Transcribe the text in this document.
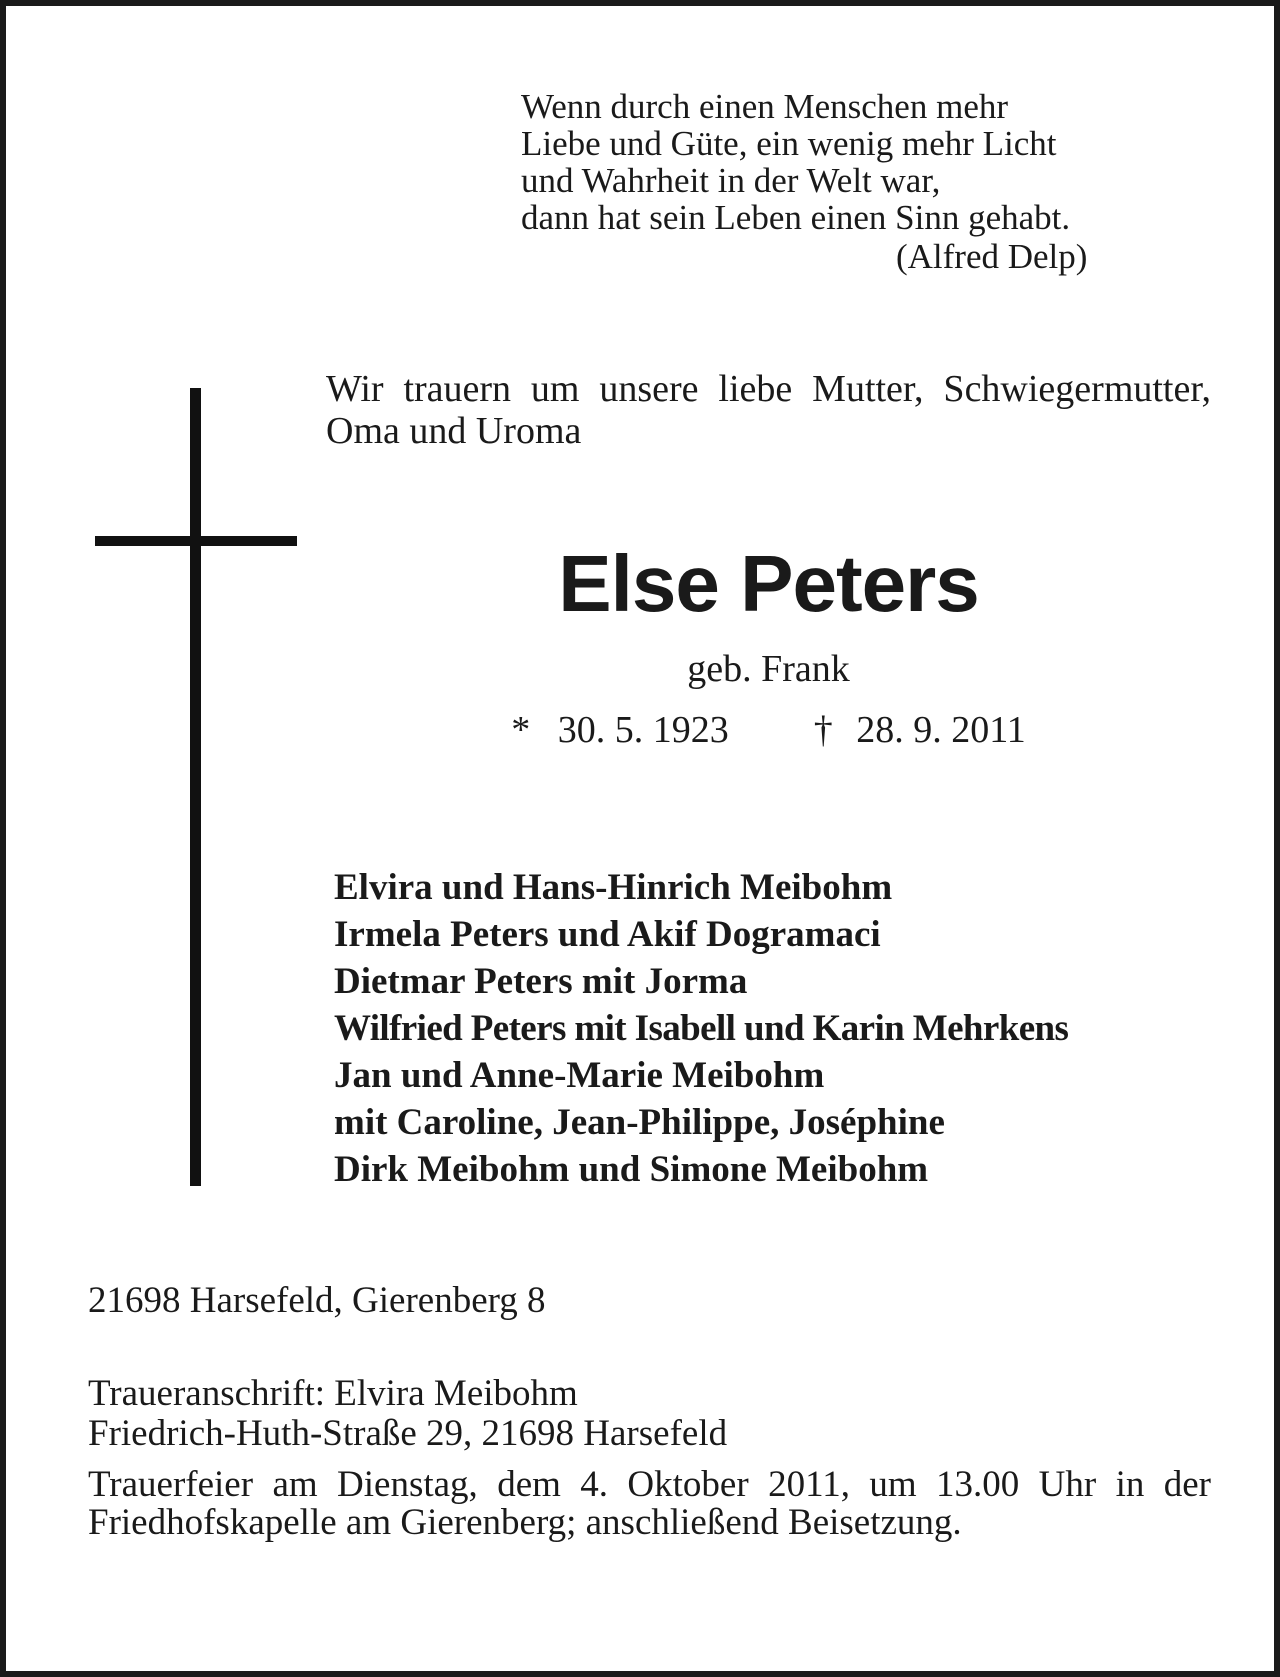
Wenn durch einen Menschen mehr
Liebe und Güte, ein wenig mehr Licht
und Wahrheit in der Welt war,
dann hat sein Leben einen Sinn gehabt.
(Alfred Delp)
Wir trauern um unsere liebe Mutter, Schwiegermutter, Oma und Uroma
Else Peters
geb. Frank
* 30. 5. 1923 † 28. 9. 2011
Elvira und Hans-Hinrich Meibohm
Irmela Peters und Akif Dogramaci
Dietmar Peters mit Jorma
Wilfried Peters mit Isabell und Karin Mehrkens
Jan und Anne-Marie Meibohm
mit Caroline, Jean-Philippe, Joséphine
Dirk Meibohm und Simone Meibohm
21698 Harsefeld, Gierenberg 8
Traueranschrift: Elvira Meibohm
Friedrich-Huth-Straße 29, 21698 Harsefeld
Trauerfeier am Dienstag, dem 4. Oktober 2011, um 13.00 Uhr in der Friedhofskapelle am Gierenberg; anschließend Beisetzung.
